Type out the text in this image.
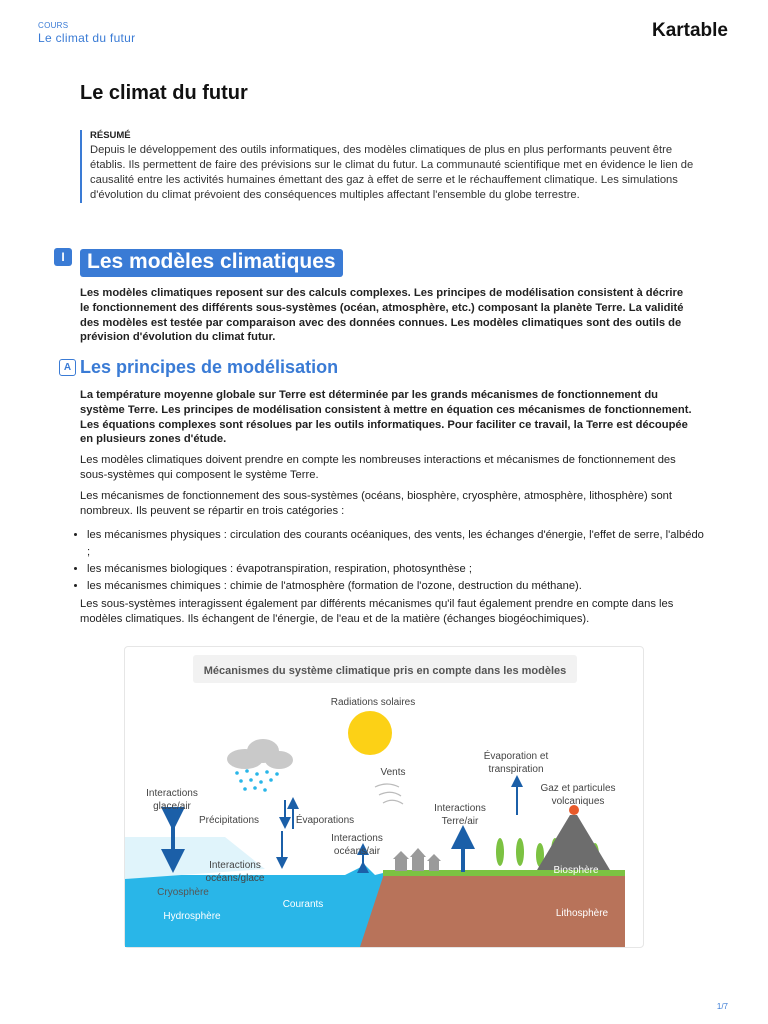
COURS
Le climat du futur	Kartable
Le climat du futur
RÉSUMÉ
Depuis le développement des outils informatiques, des modèles climatiques de plus en plus performants peuvent être établis. Ils permettent de faire des prévisions sur le climat du futur. La communauté scientifique met en évidence le lien de causalité entre les activités humaines émettant des gaz à effet de serre et le réchauffement climatique. Les simulations d'évolution du climat prévoient des conséquences multiples affectant l'ensemble du globe terrestre.
I	Les modèles climatiques

Les modèles climatiques reposent sur des calculs complexes. Les principes de modélisation consistent à décrire le fonctionnement des différents sous-systèmes (océan, atmosphère, etc.) composant la planète Terre. La validité des modèles est testée par comparaison avec des données connues. Les modèles climatiques sont des outils de prévision d'évolution du climat futur.

A Les principes de modélisation

La température moyenne globale sur Terre est déterminée par les grands mécanismes de fonctionnement du système Terre. Les principes de modélisation consistent à mettre en équation ces mécanismes de fonctionnement. Les équations complexes sont résolues par les outils informatiques. Pour faciliter ce travail, la Terre est découpée en plusieurs zones d'étude.

Les modèles climatiques doivent prendre en compte les nombreuses interactions et mécanismes de fonctionnement des sous-systèmes qui composent le système Terre.

Les mécanismes de fonctionnement des sous-systèmes (océans, biosphère, cryosphère, atmosphère, lithosphère) sont nombreux. Ils peuvent se répartir en trois catégories :

• les mécanismes physiques : circulation des courants océaniques, des vents, les échanges d'énergie, l'effet de serre, l'albédo ;
• les mécanismes biologiques : évapotranspiration, respiration, photosynthèse ;
• les mécanismes chimiques : chimie de l'atmosphère (formation de l'ozone, destruction du méthane).

Les sous-systèmes interagissent également par différents mécanismes qu'il faut également prendre en compte dans les modèles climatiques. Ils échangent de l'énergie, de l'eau et de la matière (échanges biogéochimiques).

Mécanismes du système climatique pris en compte dans les modèles
Radiations solaires
Vents
Évaporation et
transpiration
Gaz et particules
volcaniques
Interactions
glace/air
Précipitations	Évaporations
Interactions
Terre/air
Interactions
océans/air
Interactions
océans/glace
Cryosphère
Courants
Hydrosphère
Biosphère
Lithosphère
1/7
